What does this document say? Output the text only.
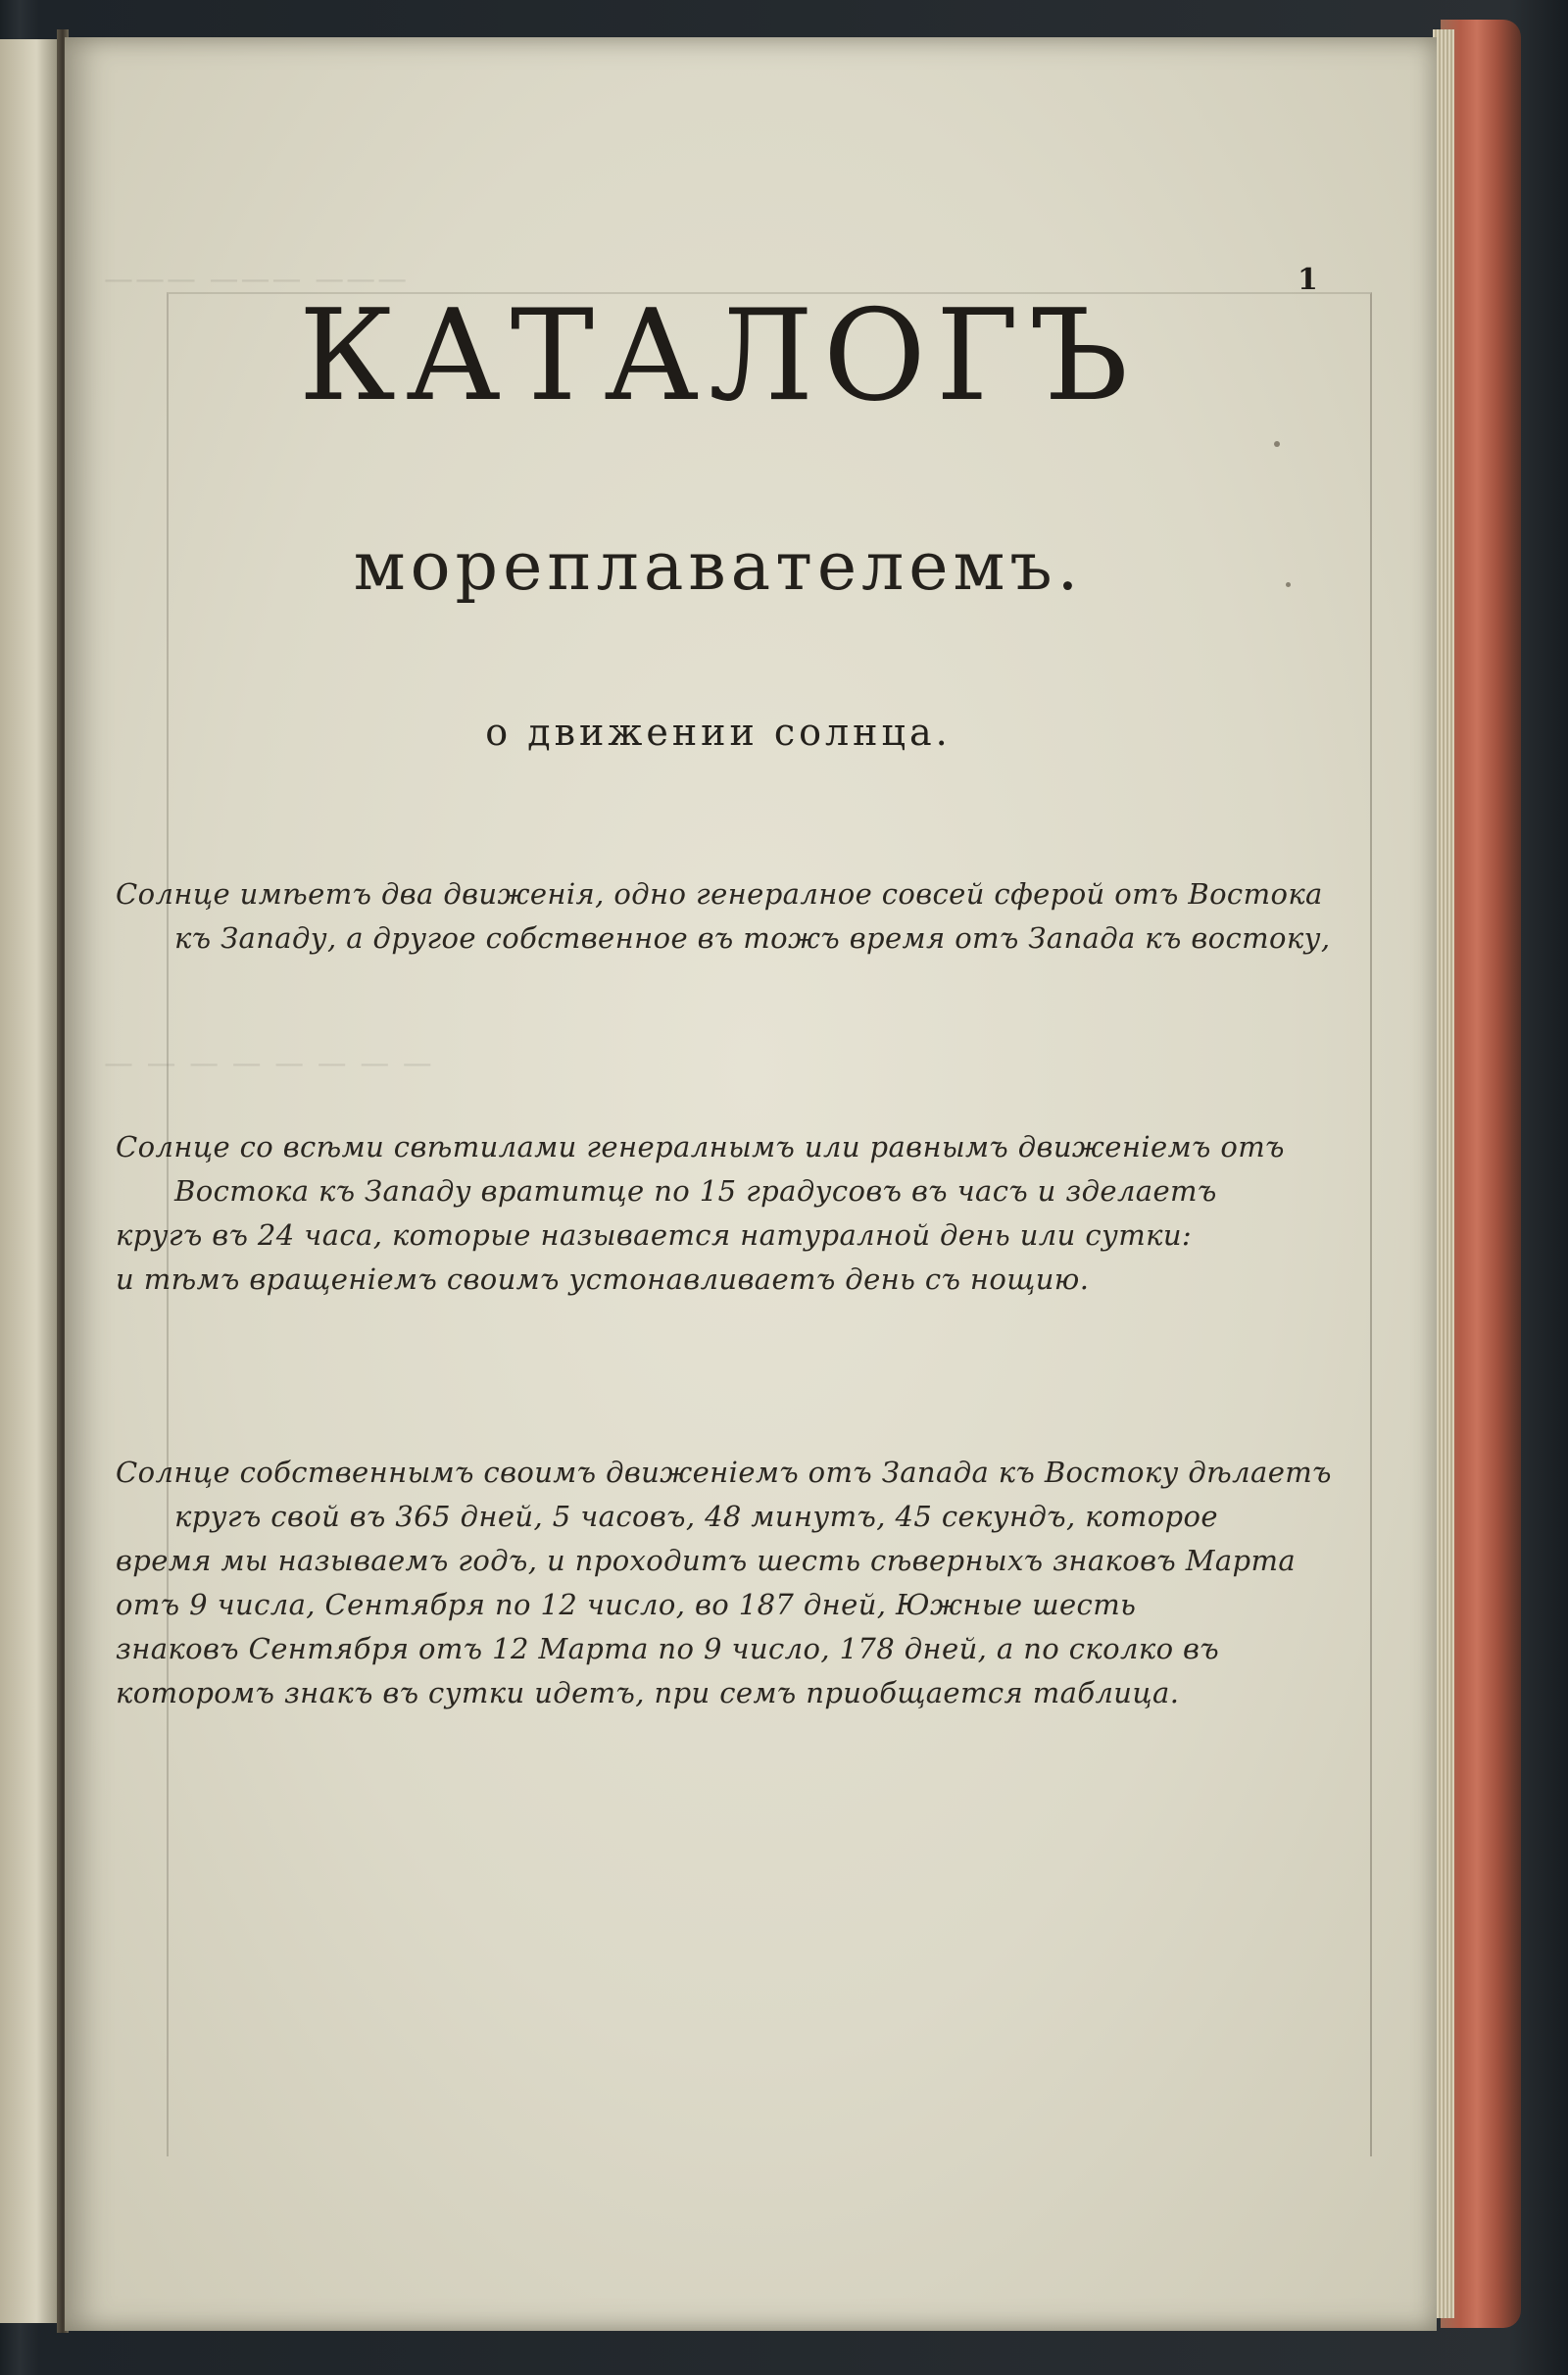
——— ——— ———
— — — — — — — —
1
КАТАЛОГЪ
мореплавателемъ.
о движении солнца.
Солнце имѣетъ два движенія, одно генералное совсей сферой отъ Востока
къ Западу, а другое собственное въ тожъ время отъ Запада къ востоку,
Солнце со всѣми свѣтилами генералнымъ или равнымъ движенiемъ отъ
Востока къ Западу вратитце по 15 градусовъ въ часъ и зделаетъ
кругъ въ 24 часа, которые называется натуралной день или сутки:
и тѣмъ вращенiемъ своимъ устонавливаетъ день съ нощию.
Солнце собственнымъ своимъ движенiемъ отъ Запада къ Востоку дѣлаетъ
кругъ свой въ 365 дней, 5 часовъ, 48 минутъ, 45 секундъ, которое
время мы называемъ годъ, и проходитъ шесть сѣверныхъ знаковъ Марта
отъ 9 числа, Сентября по 12 число, во 187 дней, Южные шесть
знаковъ Сентября отъ 12 Марта по 9 число, 178 дней, а по сколко въ
которомъ знакъ въ сутки идетъ, при семъ приобщается таблица.
